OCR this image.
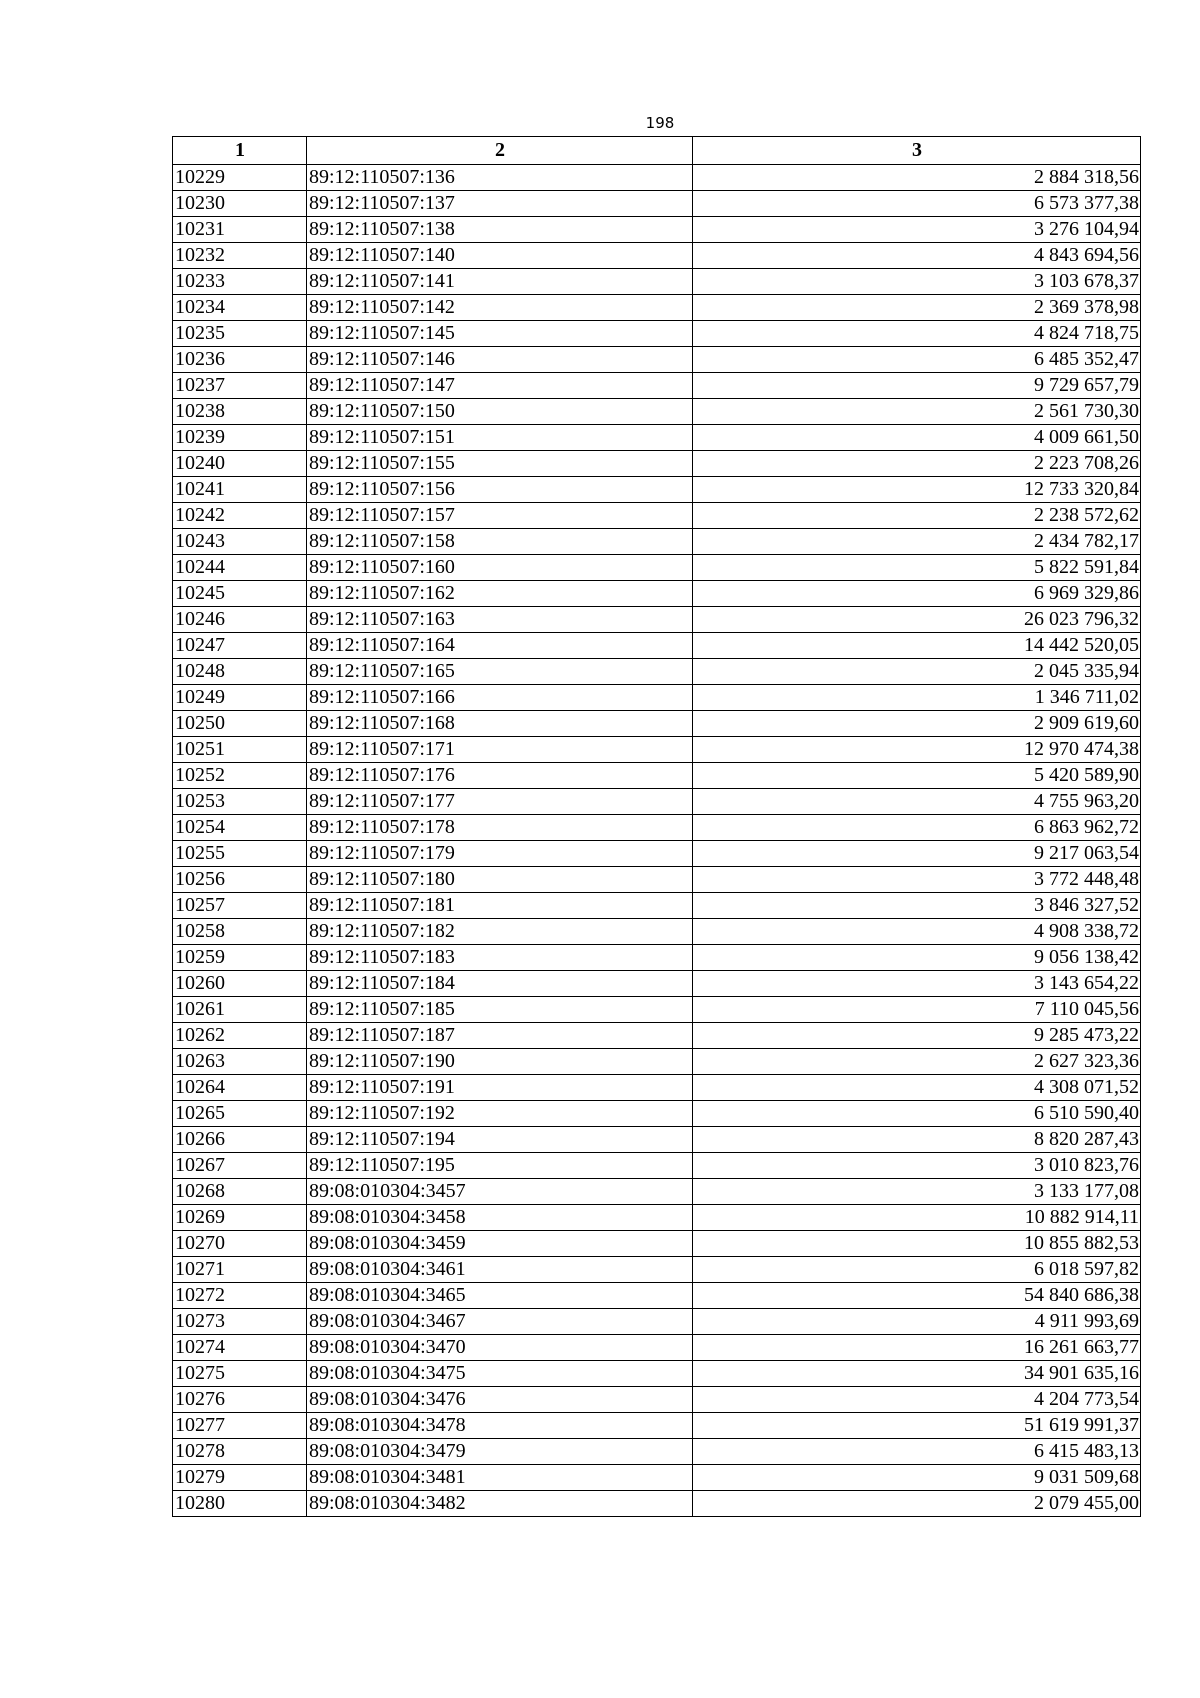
198
1	2	3
10229	89:12:110507:136	2 884 318,56
10230	89:12:110507:137	6 573 377,38
10231	89:12:110507:138	3 276 104,94
10232	89:12:110507:140	4 843 694,56
10233	89:12:110507:141	3 103 678,37
10234	89:12:110507:142	2 369 378,98
10235	89:12:110507:145	4 824 718,75
10236	89:12:110507:146	6 485 352,47
10237	89:12:110507:147	9 729 657,79
10238	89:12:110507:150	2 561 730,30
10239	89:12:110507:151	4 009 661,50
10240	89:12:110507:155	2 223 708,26
10241	89:12:110507:156	12 733 320,84
10242	89:12:110507:157	2 238 572,62
10243	89:12:110507:158	2 434 782,17
10244	89:12:110507:160	5 822 591,84
10245	89:12:110507:162	6 969 329,86
10246	89:12:110507:163	26 023 796,32
10247	89:12:110507:164	14 442 520,05
10248	89:12:110507:165	2 045 335,94
10249	89:12:110507:166	1 346 711,02
10250	89:12:110507:168	2 909 619,60
10251	89:12:110507:171	12 970 474,38
10252	89:12:110507:176	5 420 589,90
10253	89:12:110507:177	4 755 963,20
10254	89:12:110507:178	6 863 962,72
10255	89:12:110507:179	9 217 063,54
10256	89:12:110507:180	3 772 448,48
10257	89:12:110507:181	3 846 327,52
10258	89:12:110507:182	4 908 338,72
10259	89:12:110507:183	9 056 138,42
10260	89:12:110507:184	3 143 654,22
10261	89:12:110507:185	7 110 045,56
10262	89:12:110507:187	9 285 473,22
10263	89:12:110507:190	2 627 323,36
10264	89:12:110507:191	4 308 071,52
10265	89:12:110507:192	6 510 590,40
10266	89:12:110507:194	8 820 287,43
10267	89:12:110507:195	3 010 823,76
10268	89:08:010304:3457	3 133 177,08
10269	89:08:010304:3458	10 882 914,11
10270	89:08:010304:3459	10 855 882,53
10271	89:08:010304:3461	6 018 597,82
10272	89:08:010304:3465	54 840 686,38
10273	89:08:010304:3467	4 911 993,69
10274	89:08:010304:3470	16 261 663,77
10275	89:08:010304:3475	34 901 635,16
10276	89:08:010304:3476	4 204 773,54
10277	89:08:010304:3478	51 619 991,37
10278	89:08:010304:3479	6 415 483,13
10279	89:08:010304:3481	9 031 509,68
10280	89:08:010304:3482	2 079 455,00
